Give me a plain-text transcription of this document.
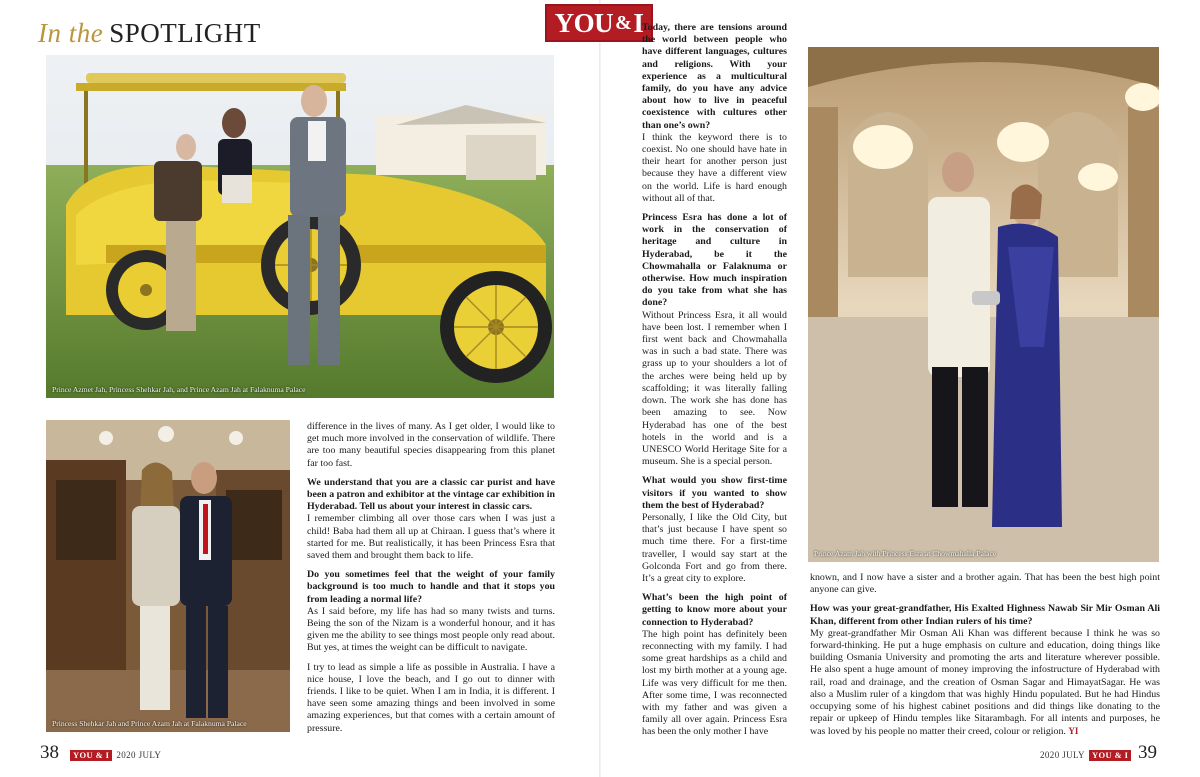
In the SPOTLIGHT	YOU & I
Prince Azmet Jah, Princess Shehkar Jah, and Prince Azam Jah at Falaknuma Palace
Princess Shehkar Jah and Prince Azam Jah at Falaknuma Palace
Prince Azam Jah with Princess Esra at Chowmahalla Palace

difference in the lives of many. As I get older, I would like to get much more involved in the conservation of wildlife. There are too many beautiful species disappearing from this planet far too fast.

We understand that you are a classic car purist and have been a patron and exhibitor at the vintage car exhibition in Hyderabad. Tell us about your interest in classic cars.

I remember climbing all over those cars when I was just a child! Baba had them all up at Chiraan. I guess that’s where it started for me. But realistically, it has been Princess Esra that saved them and brought them back to life.

Do you sometimes feel that the weight of your family background is too much to handle and that it stops you from leading a normal life?

As I said before, my life has had so many twists and turns. Being the son of the Nizam is a wonderful honour, and it has given me the ability to see things most people only read about. But yes, at times the weight can be difficult to navigate.

I try to lead as simple a life as possible in Australia. I have a nice house, I love the beach, and I go out to dinner with friends. I like to be quiet. When I am in India, it is different. I have seen some amazing things and been involved in some amazing experiences, but that comes with a certain amount of pressure.

Today, there are tensions around the world between people who have different languages, cultures and religions. With your experience as a multicultural family, do you have any advice about how to live in peaceful coexistence with cultures other than one’s own?

I think the keyword there is to coexist. No one should have hate in their heart for another person just because they have a different view on the world. Life is hard enough without all of that.

Princess Esra has done a lot of work in the conservation of heritage and culture in Hyderabad, be it the Chowmahalla or Falaknuma or otherwise. How much inspiration do you take from what she has done?

Without Princess Esra, it all would have been lost. I remember when I first went back and Chowmahalla was in such a bad state. There was grass up to your shoulders a lot of the arches were being held up by scaffolding; it was literally falling down. The work she has done has been amazing to see. Now Hyderabad has one of the best hotels in the world and is a UNESCO World Heritage Site for a museum. She is a special person.

What would you show first-time visitors if you wanted to show them the best of Hyderabad?

Personally, I like the Old City, but that’s just because I have spent so much time there. For a first-time traveller, I would say start at the Golconda Fort and go from there. It’s a great city to explore.

What’s been the high point of getting to know more about your connection to Hyderabad?

The high point has definitely been reconnecting with my family. I had some great hardships as a child and lost my birth mother at a young age. Life was very difficult for me then. After some time, I was reconnected with my father and was given a family all over again. Princess Esra has been the only mother I have

known, and I now have a sister and a brother again. That has been the best high point anyone can give.

How was your great-grandfather, His Exalted Highness Nawab Sir Mir Osman Ali Khan, different from other Indian rulers of his time?

My great-grandfather Mir Osman Ali Khan was different because I think he was so forward-thinking. He put a huge emphasis on culture and education, doing things like building Osmania University and promoting the arts and literature wherever possible. He also spent a huge amount of money improving the infostructure of Hyderabad with rail, road and drainage, and the creation of Osman Sagar and HimayatSagar. He was also a Muslim ruler of a kingdom that was highly Hindu populated. But he had Hindus occupying some of his highest cabinet positions and did things like donating to the repair or upkeep of Hindu temples like Sitarambagh. For all intents and purposes, he was loved by his people no matter their creed, colour or religion. YI

38	YOU & I 2020 JULY	2020 JULY YOU & I 39
